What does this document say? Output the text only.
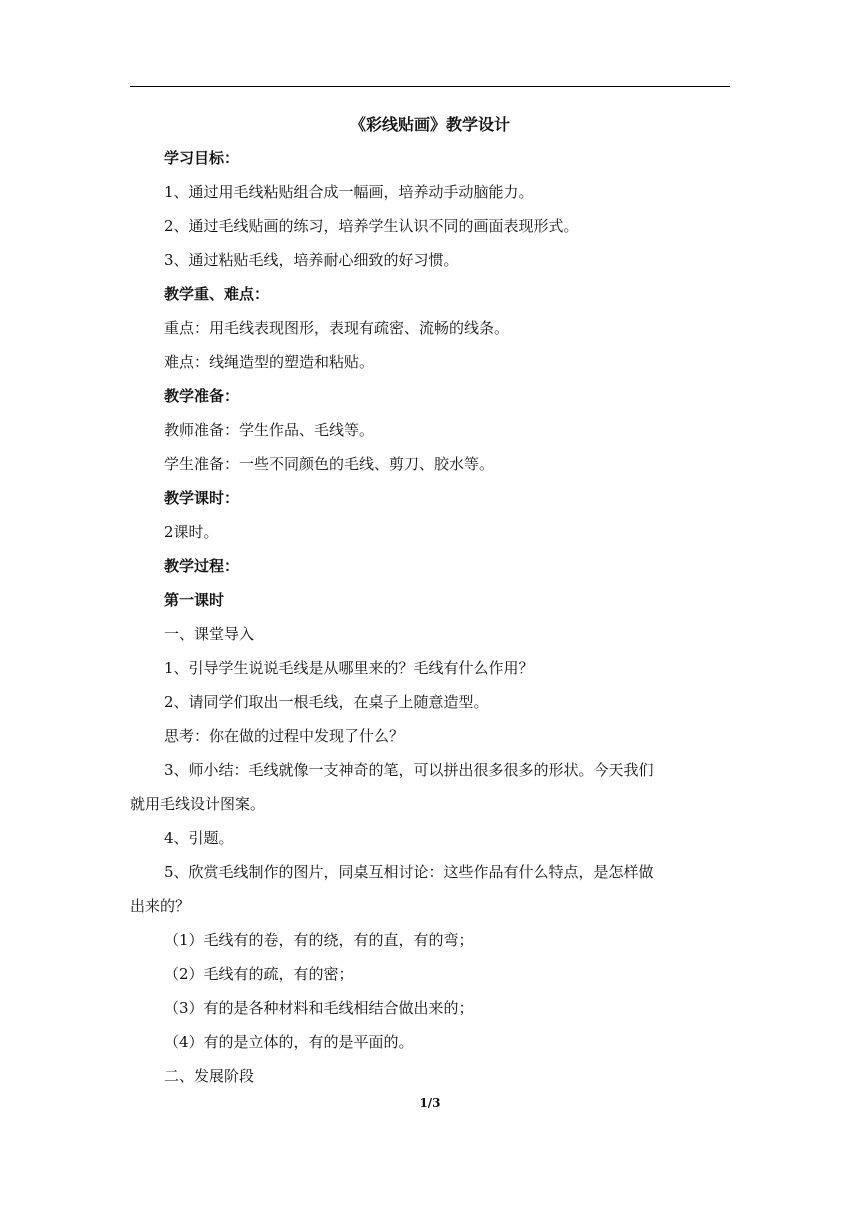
《彩线贴画》教学设计
学习目标：
1、通过用毛线粘贴组合成一幅画，培养动手动脑能力。
2、通过毛线贴画的练习，培养学生认识不同的画面表现形式。
3、通过粘贴毛线，培养耐心细致的好习惯。
教学重、难点：
重点：用毛线表现图形，表现有疏密、流畅的线条。
难点：线绳造型的塑造和粘贴。
教学准备：
教师准备：学生作品、毛线等。
学生准备：一些不同颜色的毛线、剪刀、胶水等。
教学课时：
2课时。
教学过程：
第一课时
一、课堂导入
1、引导学生说说毛线是从哪里来的？毛线有什么作用？
2、请同学们取出一根毛线，在桌子上随意造型。
思考：你在做的过程中发现了什么？
3、师小结：毛线就像一支神奇的笔，可以拼出很多很多的形状。今天我们
就用毛线设计图案。
4、引题。
5、欣赏毛线制作的图片，同桌互相讨论：这些作品有什么特点，是怎样做
出来的？
（1）毛线有的卷，有的绕，有的直，有的弯；
（2）毛线有的疏，有的密；
（3）有的是各种材料和毛线相结合做出来的；
（4）有的是立体的，有的是平面的。
二、发展阶段
1/3
